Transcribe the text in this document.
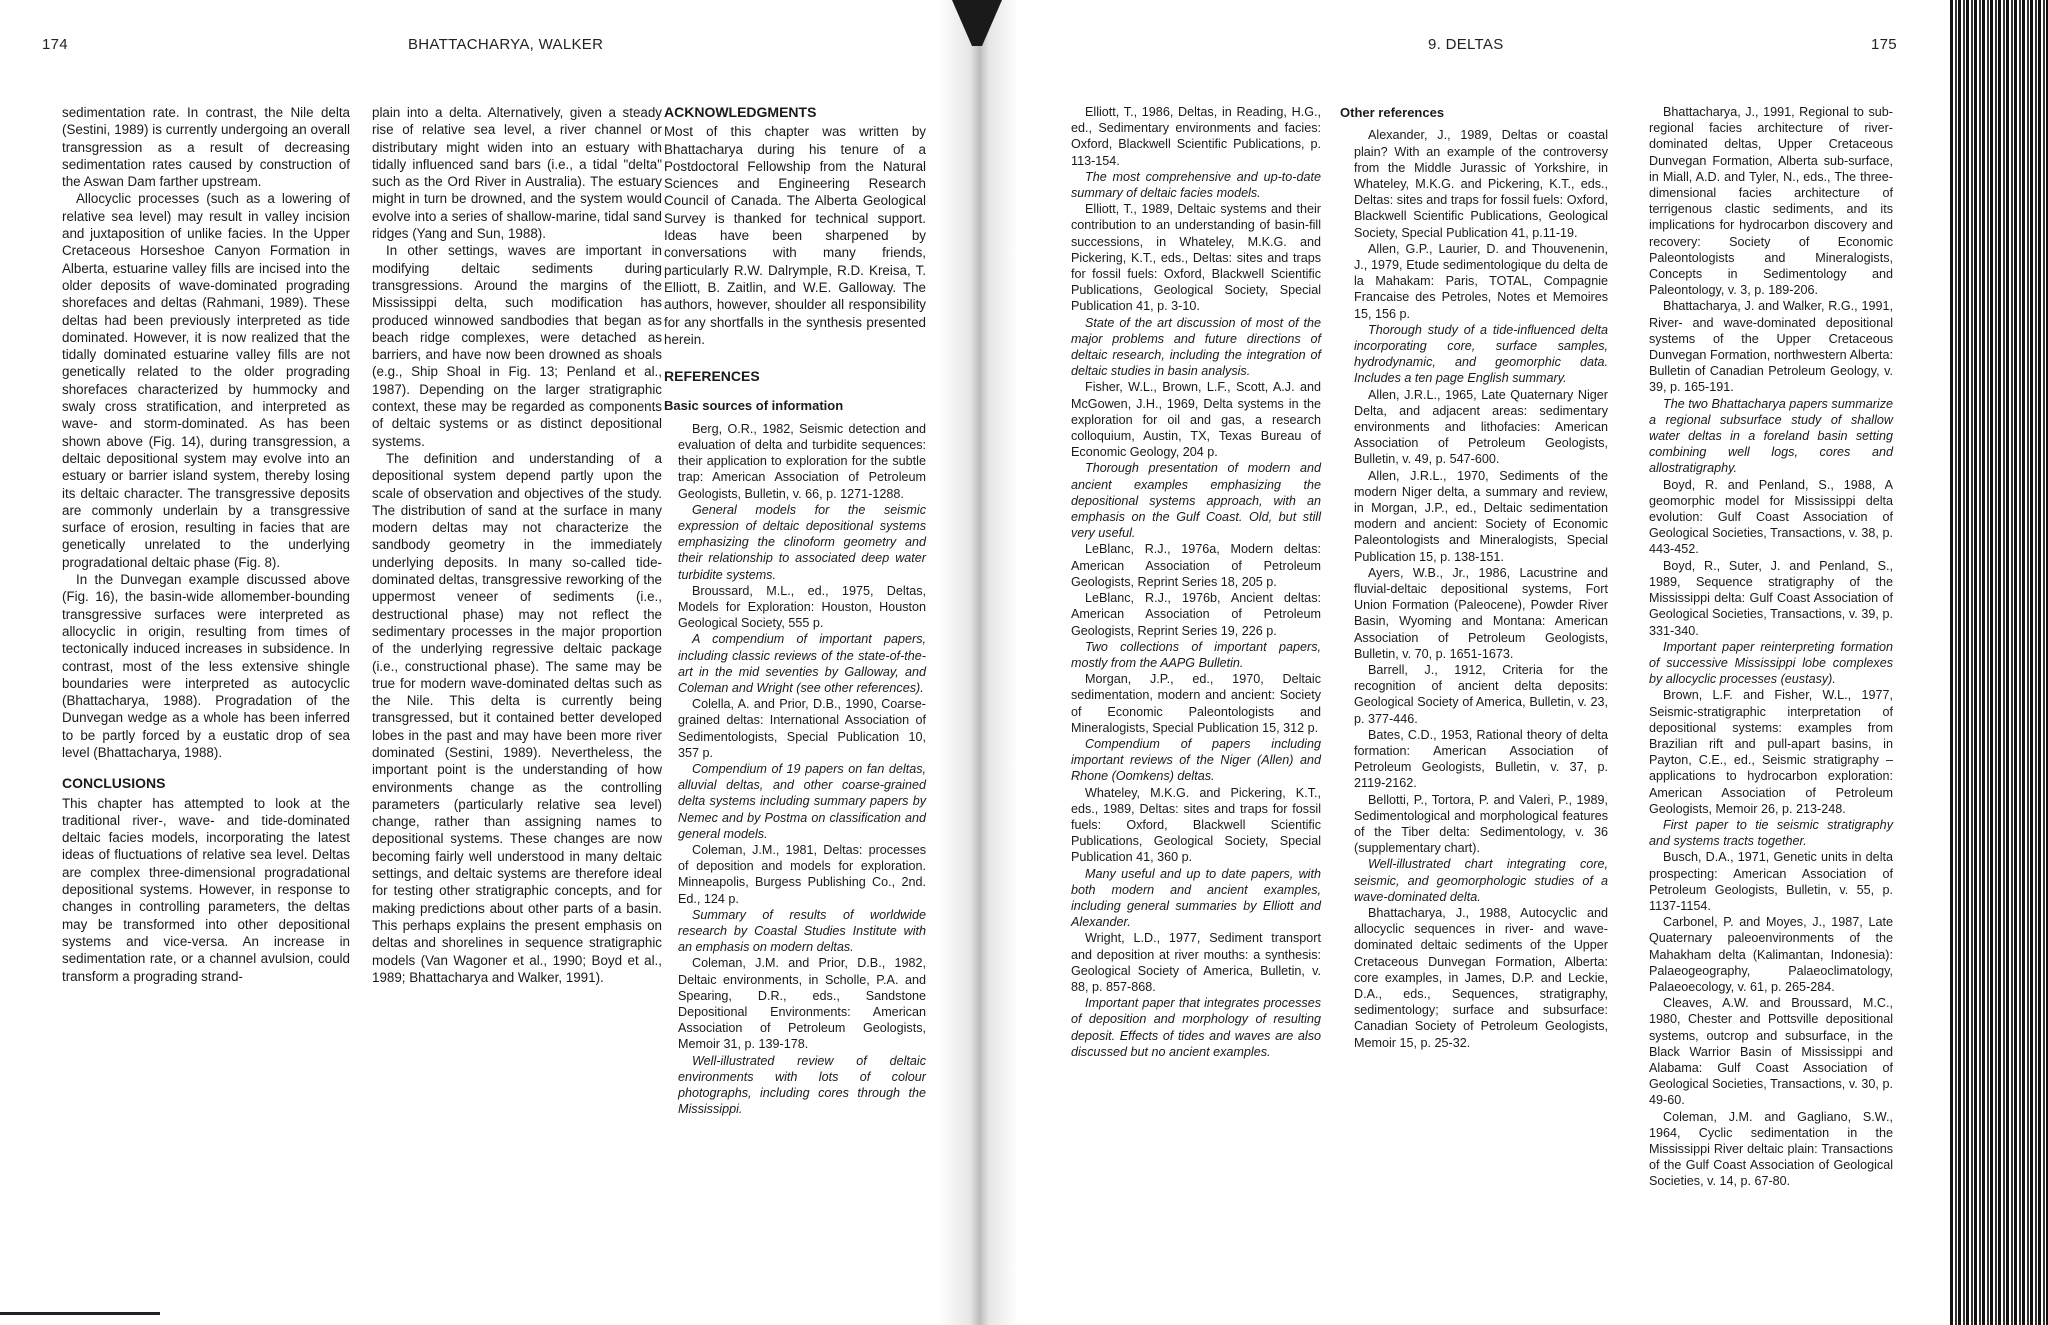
174	BHATTACHARYA, WALKER

sedimentation rate. In contrast, the Nile delta (Sestini, 1989) is currently undergoing an overall transgression as a result of decreasing sedimentation rates caused by construction of the Aswan Dam farther upstream.

Allocyclic processes (such as a lowering of relative sea level) may result in valley incision and juxtaposition of unlike facies. In the Upper Cretaceous Horseshoe Canyon Formation in Alberta, estuarine valley fills are incised into the older deposits of wave-dominated prograding shorefaces and deltas (Rahmani, 1989). These deltas had been previously interpreted as tide dominated. However, it is now realized that the tidally dominated estuarine valley fills are not genetically related to the older prograding shorefaces characterized by hummocky and swaly cross stratification, and interpreted as wave- and storm-dominated. As has been shown above (Fig. 14), during transgression, a deltaic depositional system may evolve into an estuary or barrier island system, thereby losing its deltaic character. The transgressive deposits are commonly underlain by a transgressive surface of erosion, resulting in facies that are genetically unrelated to the underlying progradational deltaic phase (Fig. 8).

In the Dunvegan example discussed above (Fig. 16), the basin-wide allomember-bounding transgressive surfaces were interpreted as allocyclic in origin, resulting from times of tectonically induced increases in subsidence. In contrast, most of the less extensive shingle boundaries were interpreted as autocyclic (Bhattacharya, 1988). Progradation of the Dunvegan wedge as a whole has been inferred to be partly forced by a eustatic drop of sea level (Bhattacharya, 1988).

CONCLUSIONS

This chapter has attempted to look at the traditional river-, wave- and tide-dominated deltaic facies models, incorporating the latest ideas of fluctuations of relative sea level. Deltas are complex three-dimensional progradational depositional systems. However, in response to changes in controlling parameters, the deltas may be transformed into other depositional systems and vice-versa. An increase in sedimentation rate, or a channel avulsion, could transform a prograding strand-

plain into a delta. Alternatively, given a steady rise of relative sea level, a river channel or distributary might widen into an estuary with tidally influenced sand bars (i.e., a tidal "delta" such as the Ord River in Australia). The estuary might in turn be drowned, and the system would evolve into a series of shallow-marine, tidal sand ridges (Yang and Sun, 1988).

In other settings, waves are important in modifying deltaic sediments during transgressions. Around the margins of the Mississippi delta, such modification has produced winnowed sandbodies that began as beach ridge complexes, were detached as barriers, and have now been drowned as shoals (e.g., Ship Shoal in Fig. 13; Penland et al., 1987). Depending on the larger stratigraphic context, these may be regarded as components of deltaic systems or as distinct depositional systems.

The definition and understanding of a depositional system depend partly upon the scale of observation and objectives of the study. The distribution of sand at the surface in many modern deltas may not characterize the sandbody geometry in the immediately underlying deposits. In many so-called tide-dominated deltas, transgressive reworking of the uppermost veneer of sediments (i.e., destructional phase) may not reflect the sedimentary processes in the major proportion of the underlying regressive deltaic package (i.e., constructional phase). The same may be true for modern wave-dominated deltas such as the Nile. This delta is currently being transgressed, but it contained better developed lobes in the past and may have been more river dominated (Sestini, 1989). Nevertheless, the important point is the understanding of how environments change as the controlling parameters (particularly relative sea level) change, rather than assigning names to depositional systems. These changes are now becoming fairly well understood in many deltaic settings, and deltaic systems are therefore ideal for testing other stratigraphic concepts, and for making predictions about other parts of a basin. This perhaps explains the present emphasis on deltas and shorelines in sequence stratigraphic models (Van Wagoner et al., 1990; Boyd et al., 1989; Bhattacharya and Walker, 1991).

ACKNOWLEDGMENTS

Most of this chapter was written by Bhattacharya during his tenure of a Postdoctoral Fellowship from the Natural Sciences and Engineering Research Council of Canada. The Alberta Geological Survey is thanked for technical support. Ideas have been sharpened by conversations with many friends, particularly R.W. Dalrymple, R.D. Kreisa, T. Elliott, B. Zaitlin, and W.E. Galloway. The authors, however, shoulder all responsibility for any shortfalls in the synthesis presented herein.

REFERENCES
Basic sources of information

Berg, O.R., 1982, Seismic detection and evaluation of delta and turbidite sequences: their application to exploration for the subtle trap: American Association of Petroleum Geologists, Bulletin, v. 66, p. 1271-1288.

General models for the seismic expression of deltaic depositional systems emphasizing the clinoform geometry and their relationship to associated deep water turbidite systems.

Broussard, M.L., ed., 1975, Deltas, Models for Exploration: Houston, Houston Geological Society, 555 p.

A compendium of important papers, including classic reviews of the state-of-the-art in the mid seventies by Galloway, and Coleman and Wright (see other references).

Colella, A. and Prior, D.B., 1990, Coarse-grained deltas: International Association of Sedimentologists, Special Publication 10, 357 p.

Compendium of 19 papers on fan deltas, alluvial deltas, and other coarse-grained delta systems including summary papers by Nemec and by Postma on classification and general models.

Coleman, J.M., 1981, Deltas: processes of deposition and models for exploration. Minneapolis, Burgess Publishing Co., 2nd. Ed., 124 p.

Summary of results of worldwide research by Coastal Studies Institute with an emphasis on modern deltas.

Coleman, J.M. and Prior, D.B., 1982, Deltaic environments, in Scholle, P.A. and Spearing, D.R., eds., Sandstone Depositional Environments: American Association of Petroleum Geologists, Memoir 31, p. 139-178.

Well-illustrated review of deltaic environments with lots of colour photographs, including cores through the Mississippi.

9. DELTAS	175

Elliott, T., 1986, Deltas, in Reading, H.G., ed., Sedimentary environments and facies: Oxford, Blackwell Scientific Publications, p. 113-154.

The most comprehensive and up-to-date summary of deltaic facies models.

Elliott, T., 1989, Deltaic systems and their contribution to an understanding of basin-fill successions, in Whateley, M.K.G. and Pickering, K.T., eds., Deltas: sites and traps for fossil fuels: Oxford, Blackwell Scientific Publications, Geological Society, Special Publication 41, p. 3-10.

State of the art discussion of most of the major problems and future directions of deltaic research, including the integration of deltaic studies in basin analysis.

Fisher, W.L., Brown, L.F., Scott, A.J. and McGowen, J.H., 1969, Delta systems in the exploration for oil and gas, a research colloquium, Austin, TX, Texas Bureau of Economic Geology, 204 p.

Thorough presentation of modern and ancient examples emphasizing the depositional systems approach, with an emphasis on the Gulf Coast. Old, but still very useful.

LeBlanc, R.J., 1976a, Modern deltas: American Association of Petroleum Geologists, Reprint Series 18, 205 p.

LeBlanc, R.J., 1976b, Ancient deltas: American Association of Petroleum Geologists, Reprint Series 19, 226 p.

Two collections of important papers, mostly from the AAPG Bulletin.

Morgan, J.P., ed., 1970, Deltaic sedimentation, modern and ancient: Society of Economic Paleontologists and Mineralogists, Special Publication 15, 312 p.

Compendium of papers including important reviews of the Niger (Allen) and Rhone (Oomkens) deltas.

Whateley, M.K.G. and Pickering, K.T., eds., 1989, Deltas: sites and traps for fossil fuels: Oxford, Blackwell Scientific Publications, Geological Society, Special Publication 41, 360 p.

Many useful and up to date papers, with both modern and ancient examples, including general summaries by Elliott and Alexander.

Wright, L.D., 1977, Sediment transport and deposition at river mouths: a synthesis: Geological Society of America, Bulletin, v. 88, p. 857-868.

Important paper that integrates processes of deposition and morphology of resulting deposit. Effects of tides and waves are also discussed but no ancient examples.

Other references

Alexander, J., 1989, Deltas or coastal plain? With an example of the controversy from the Middle Jurassic of Yorkshire, in Whateley, M.K.G. and Pickering, K.T., eds., Deltas: sites and traps for fossil fuels: Oxford, Blackwell Scientific Publications, Geological Society, Special Publication 41, p.11-19.

Allen, G.P., Laurier, D. and Thouvenenin, J., 1979, Etude sedimentologique du delta de la Mahakam: Paris, TOTAL, Compagnie Francaise des Petroles, Notes et Memoires 15, 156 p.

Thorough study of a tide-influenced delta incorporating core, surface samples, hydrodynamic, and geomorphic data. Includes a ten page English summary.

Allen, J.R.L., 1965, Late Quaternary Niger Delta, and adjacent areas: sedimentary environments and lithofacies: American Association of Petroleum Geologists, Bulletin, v. 49, p. 547-600.

Allen, J.R.L., 1970, Sediments of the modern Niger delta, a summary and review, in Morgan, J.P., ed., Deltaic sedimentation modern and ancient: Society of Economic Paleontologists and Mineralogists, Special Publication 15, p. 138-151.

Ayers, W.B., Jr., 1986, Lacustrine and fluvial-deltaic depositional systems, Fort Union Formation (Paleocene), Powder River Basin, Wyoming and Montana: American Association of Petroleum Geologists, Bulletin, v. 70, p. 1651-1673.

Barrell, J., 1912, Criteria for the recognition of ancient delta deposits: Geological Society of America, Bulletin, v. 23, p. 377-446.

Bates, C.D., 1953, Rational theory of delta formation: American Association of Petroleum Geologists, Bulletin, v. 37, p. 2119-2162.

Bellotti, P., Tortora, P. and Valeri, P., 1989, Sedimentological and morphological features of the Tiber delta: Sedimentology, v. 36 (supplementary chart).

Well-illustrated chart integrating core, seismic, and geomorphologic studies of a wave-dominated delta.

Bhattacharya, J., 1988, Autocyclic and allocyclic sequences in river- and wave-dominated deltaic sediments of the Upper Cretaceous Dunvegan Formation, Alberta: core examples, in James, D.P. and Leckie, D.A., eds., Sequences, stratigraphy, sedimentology; surface and subsurface: Canadian Society of Petroleum Geologists, Memoir 15, p. 25-32.

Bhattacharya, J., 1991, Regional to sub-regional facies architecture of river-dominated deltas, Upper Cretaceous Dunvegan Formation, Alberta sub-surface, in Miall, A.D. and Tyler, N., eds., The three-dimensional facies architecture of terrigenous clastic sediments, and its implications for hydrocarbon discovery and recovery: Society of Economic Paleontologists and Mineralogists, Concepts in Sedimentology and Paleontology, v. 3, p. 189-206.

Bhattacharya, J. and Walker, R.G., 1991, River- and wave-dominated depositional systems of the Upper Cretaceous Dunvegan Formation, northwestern Alberta: Bulletin of Canadian Petroleum Geology, v. 39, p. 165-191.

The two Bhattacharya papers summarize a regional subsurface study of shallow water deltas in a foreland basin setting combining well logs, cores and allostratigraphy.

Boyd, R. and Penland, S., 1988, A geomorphic model for Mississippi delta evolution: Gulf Coast Association of Geological Societies, Transactions, v. 38, p. 443-452.

Boyd, R., Suter, J. and Penland, S., 1989, Sequence stratigraphy of the Mississippi delta: Gulf Coast Association of Geological Societies, Transactions, v. 39, p. 331-340.

Important paper reinterpreting formation of successive Mississippi lobe complexes by allocyclic processes (eustasy).

Brown, L.F. and Fisher, W.L., 1977, Seismic-stratigraphic interpretation of depositional systems: examples from Brazilian rift and pull-apart basins, in Payton, C.E., ed., Seismic stratigraphy – applications to hydrocarbon exploration: American Association of Petroleum Geologists, Memoir 26, p. 213-248.

First paper to tie seismic stratigraphy and systems tracts together.

Busch, D.A., 1971, Genetic units in delta prospecting: American Association of Petroleum Geologists, Bulletin, v. 55, p. 1137-1154.

Carbonel, P. and Moyes, J., 1987, Late Quaternary paleoenvironments of the Mahakham delta (Kalimantan, Indonesia): Palaeogeography, Palaeoclimatology, Palaeoecology, v. 61, p. 265-284.

Cleaves, A.W. and Broussard, M.C., 1980, Chester and Pottsville depositional systems, outcrop and subsurface, in the Black Warrior Basin of Mississippi and Alabama: Gulf Coast Association of Geological Societies, Transactions, v. 30, p. 49-60.

Coleman, J.M. and Gagliano, S.W., 1964, Cyclic sedimentation in the Mississippi River deltaic plain: Transactions of the Gulf Coast Association of Geological Societies, v. 14, p. 67-80.
